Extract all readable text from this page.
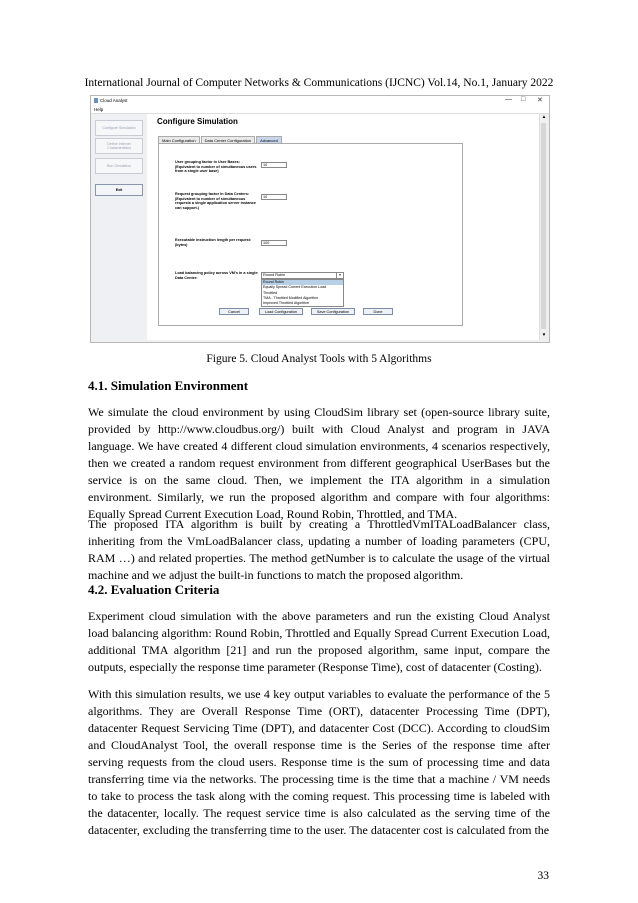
International Journal of Computer Networks & Communications (IJCNC) Vol.14, No.1, January 2022
Cloud Analyst	— □ ✕
Help
Configure Simulation
Define Internet Characteristics
Run Simulation
Exit
Configure Simulation
Main Configuration	Data Center Configuration	Advanced
User grouping factor in User Bases: (Equivalent to number of simultaneous users from a single user base)
10
Request grouping factor in Data Centers: (Equivalent to number of simultaneous requests a single application server instance can support.)
10
Executable instruction length per request: (bytes)	100
Load balancing policy across VM's in a single Data Center:
Round Robin	▾
Round Robin
Equally Spread Current Execution Load
Throttled
TMA - Throttled Modified Algorithm
Improved Throttled Algorithm
Cancel	Load Configuration	Save Configuration	Done
▲
▼
Figure 5. Cloud Analyst Tools with 5 Algorithms
4.1. Simulation Environment
We simulate the cloud environment by using CloudSim library set (open-source library suite, provided by http://www.cloudbus.org/) built with Cloud Analyst and program in JAVA language. We have created 4 different cloud simulation environments, 4 scenarios respectively, then we created a random request environment from different geographical UserBases but the service is on the same cloud. Then, we implement the ITA algorithm in a simulation environment. Similarly, we run the proposed algorithm and compare with four algorithms: Equally Spread Current Execution Load, Round Robin, Throttled, and TMA.
The proposed ITA algorithm is built by creating a ThrottledVmITALoadBalancer class, inheriting from the VmLoadBalancer class, updating a number of loading parameters (CPU, RAM …) and related properties. The method getNumber is to calculate the usage of the virtual machine and we adjust the built-in functions to match the proposed algorithm.
4.2. Evaluation Criteria
Experiment cloud simulation with the above parameters and run the existing Cloud Analyst load balancing algorithm: Round Robin, Throttled and Equally Spread Current Execution Load, additional TMA algorithm [21] and run the proposed algorithm, same input, compare the outputs, especially the response time parameter (Response Time), cost of datacenter (Costing).
With this simulation results, we use 4 key output variables to evaluate the performance of the 5 algorithms. They are Overall Response Time (ORT), datacenter Processing Time (DPT), datacenter Request Servicing Time (DPT), and datacenter Cost (DCC). According to cloudSim and CloudAnalyst Tool, the overall response time is the Series of the response time after serving requests from the cloud users. Response time is the sum of processing time and data transferring time via the networks. The processing time is the time that a machine / VM needs to take to process the task along with the coming request. This processing time is labeled with the datacenter, locally. The request service time is also calculated as the serving time of the datacenter, excluding the transferring time to the user. The datacenter cost is calculated from the
33
